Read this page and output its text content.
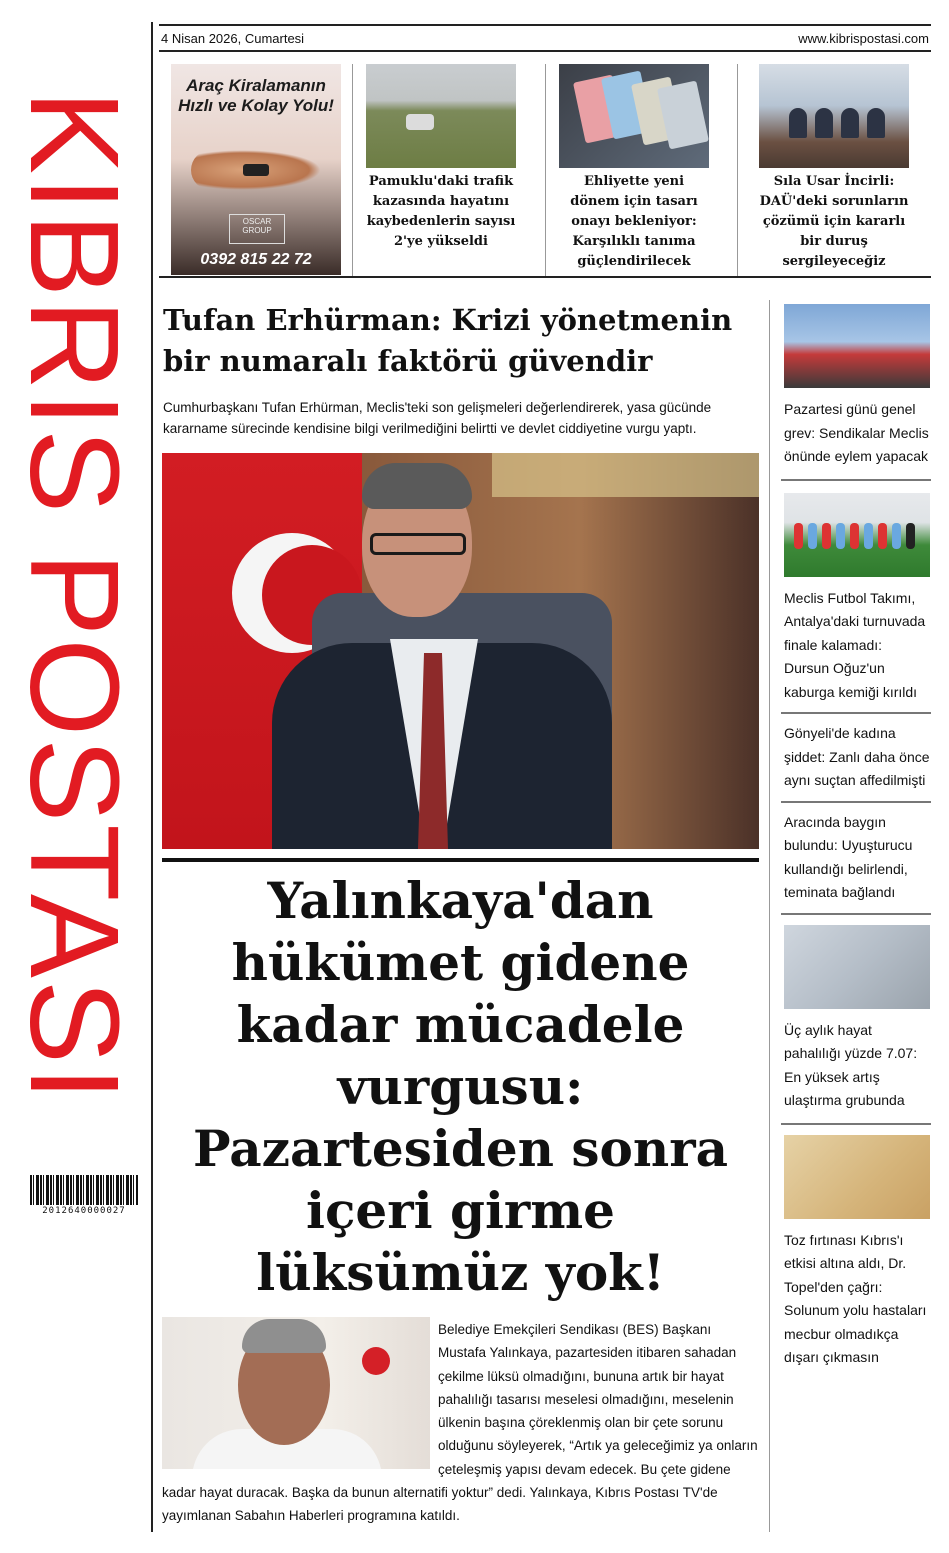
KIBRIS POSTASI
2012640000027
4 Nisan 2026, Cumartesi	www.kibrispostasi.com
Araç Kiralamanın Hızlı ve Kolay Yolu!
OSCAR GROUP
0392 815 22 72
Pamuklu'daki trafik kazasında hayatını kaybedenlerin sayısı 2'ye yükseldi
Ehliyette yeni dönem için tasarı onayı bekleniyor: Karşılıklı tanıma güçlendirilecek
Sıla Usar İncirli: DAÜ'deki sorunların çözümü için kararlı bir duruş sergileyeceğiz
Tufan Erhürman: Krizi yönetmenin bir numaralı faktörü güvendir

Cumhurbaşkanı Tufan Erhürman, Meclis'teki son gelişmeleri değerlendirerek, yasa gücünde kararname sürecinde kendisine bilgi verilmediğini belirtti ve devlet ciddiyetine vurgu yaptı.

Yalınkaya'dan hükümet gidene kadar mücadele vurgusu: Pazartesiden sonra içeri girme lüksümüz yok!
Belediye Emekçileri Sendikası (BES) Başkanı Mustafa Yalınkaya, pazartesiden itibaren sahadan çekilme lüksü olmadığını, bununa artık bir hayat pahalılığı tasarısı meselesi olmadığını, meselenin ülkenin başına çöreklenmiş olan bir çete sorunu olduğunu söyleyerek, “Artık ya geleceğimiz ya onların çeteleşmiş yapısı devam edecek. Bu çete gidene kadar hayat duracak. Başka da bunun alternatifi yoktur” dedi. Yalınkaya, Kıbrıs Postası TV'de yayımlanan Sabahın Haberleri programına katıldı.
Pazartesi günü genel grev: Sendikalar Meclis önünde eylem yapacak
Meclis Futbol Takımı, Antalya'daki turnuvada finale kalamadı: Dursun Oğuz'un kaburga kemiği kırıldı
Gönyeli'de kadına şiddet: Zanlı daha önce aynı suçtan affedilmişti
Aracında baygın bulundu: Uyuşturucu kullandığı belirlendi, teminata bağlandı
Üç aylık hayat pahalılığı yüzde 7.07: En yüksek artış ulaştırma grubunda
Toz fırtınası Kıbrıs'ı etkisi altına aldı, Dr. Topel'den çağrı: Solunum yolu hastaları mecbur olmadıkça dışarı çıkmasın
